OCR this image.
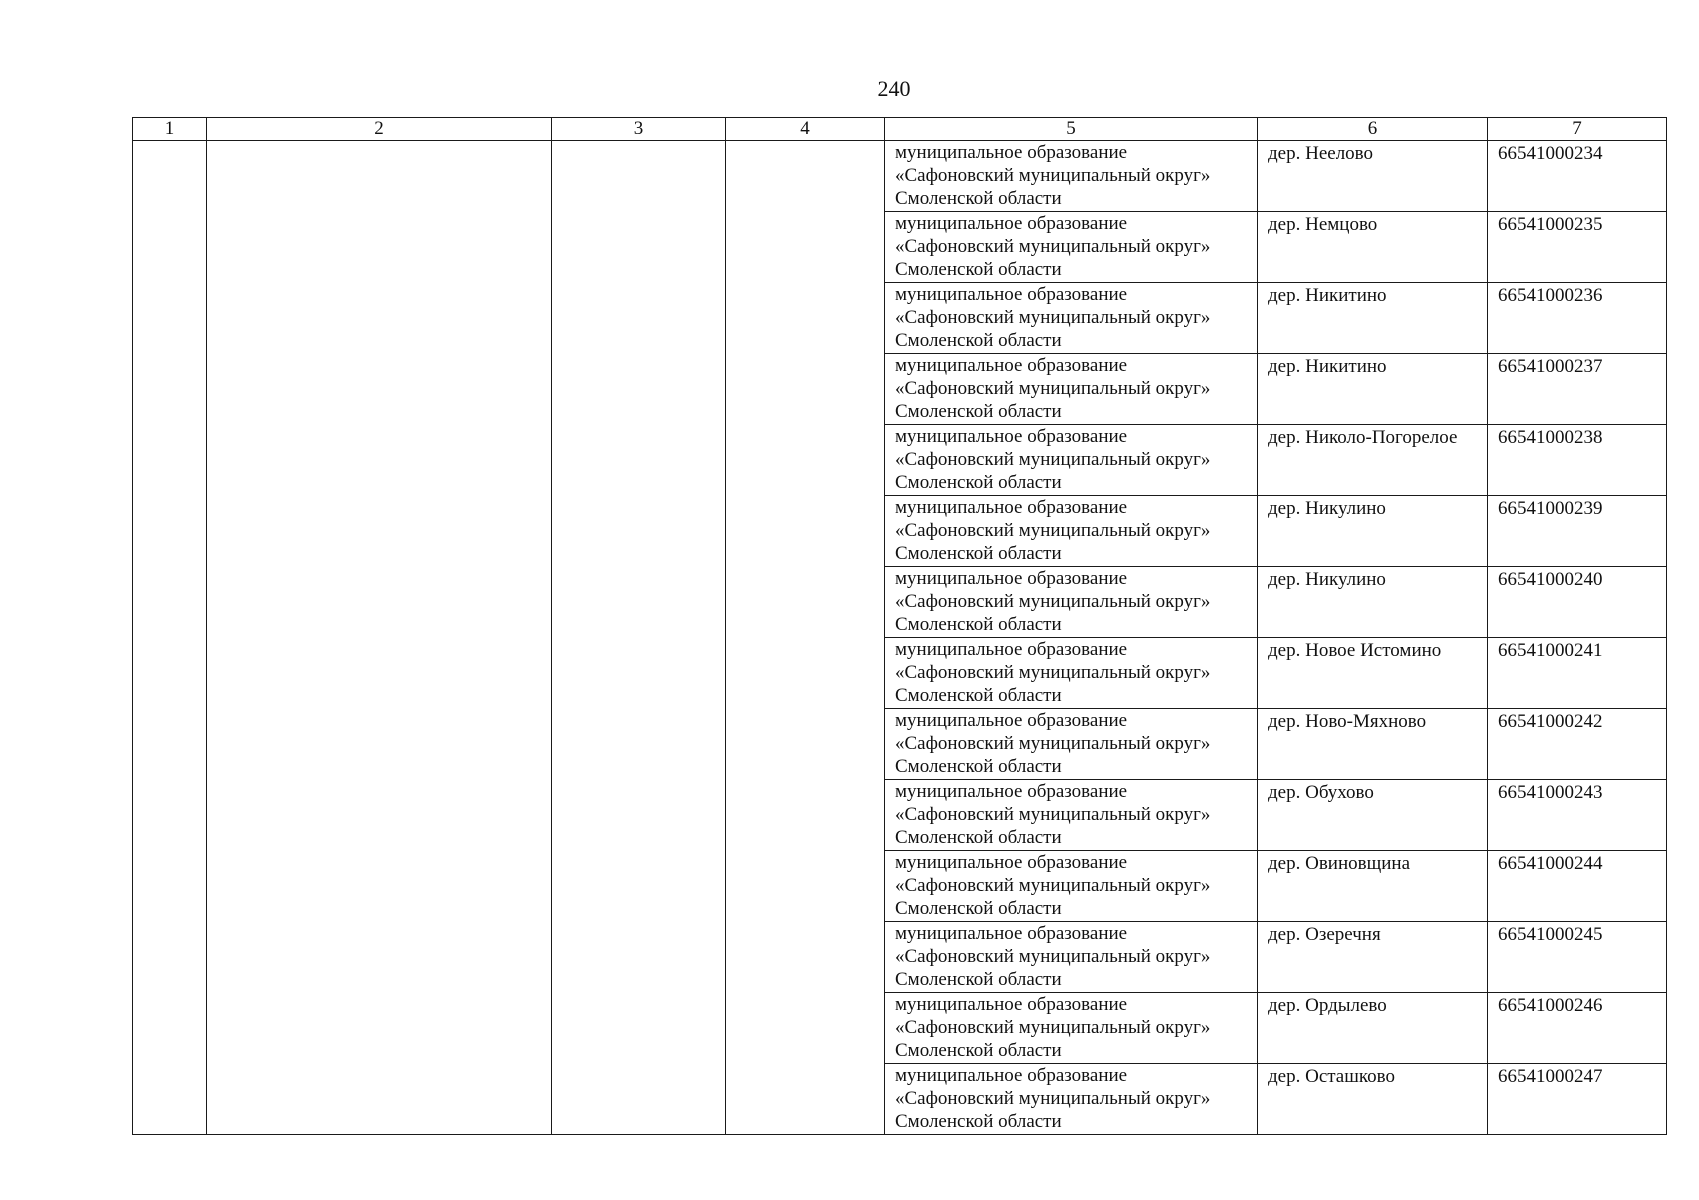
240
1	2	3	4	5	6	7

				муниципальное образование
«Сафоновский муниципальный округ»
Смоленской области	дер. Неелово	66541000234

				муниципальное образование
«Сафоновский муниципальный округ»
Смоленской области	дер. Немцово	66541000235

				муниципальное образование
«Сафоновский муниципальный округ»
Смоленской области	дер. Никитино	66541000236

				муниципальное образование
«Сафоновский муниципальный округ»
Смоленской области	дер. Никитино	66541000237

				муниципальное образование
«Сафоновский муниципальный округ»
Смоленской области	дер. Николо-Погорелое	66541000238

				муниципальное образование
«Сафоновский муниципальный округ»
Смоленской области	дер. Никулино	66541000239

				муниципальное образование
«Сафоновский муниципальный округ»
Смоленской области	дер. Никулино	66541000240

				муниципальное образование
«Сафоновский муниципальный округ»
Смоленской области	дер. Новое Истомино	66541000241

				муниципальное образование
«Сафоновский муниципальный округ»
Смоленской области	дер. Ново-Мяхново	66541000242

				муниципальное образование
«Сафоновский муниципальный округ»
Смоленской области	дер. Обухово	66541000243

				муниципальное образование
«Сафоновский муниципальный округ»
Смоленской области	дер. Овиновщина	66541000244

				муниципальное образование
«Сафоновский муниципальный округ»
Смоленской области	дер. Озеречня	66541000245

				муниципальное образование
«Сафоновский муниципальный округ»
Смоленской области	дер. Ордылево	66541000246

				муниципальное образование
«Сафоновский муниципальный округ»
Смоленской области	дер. Осташково	66541000247
